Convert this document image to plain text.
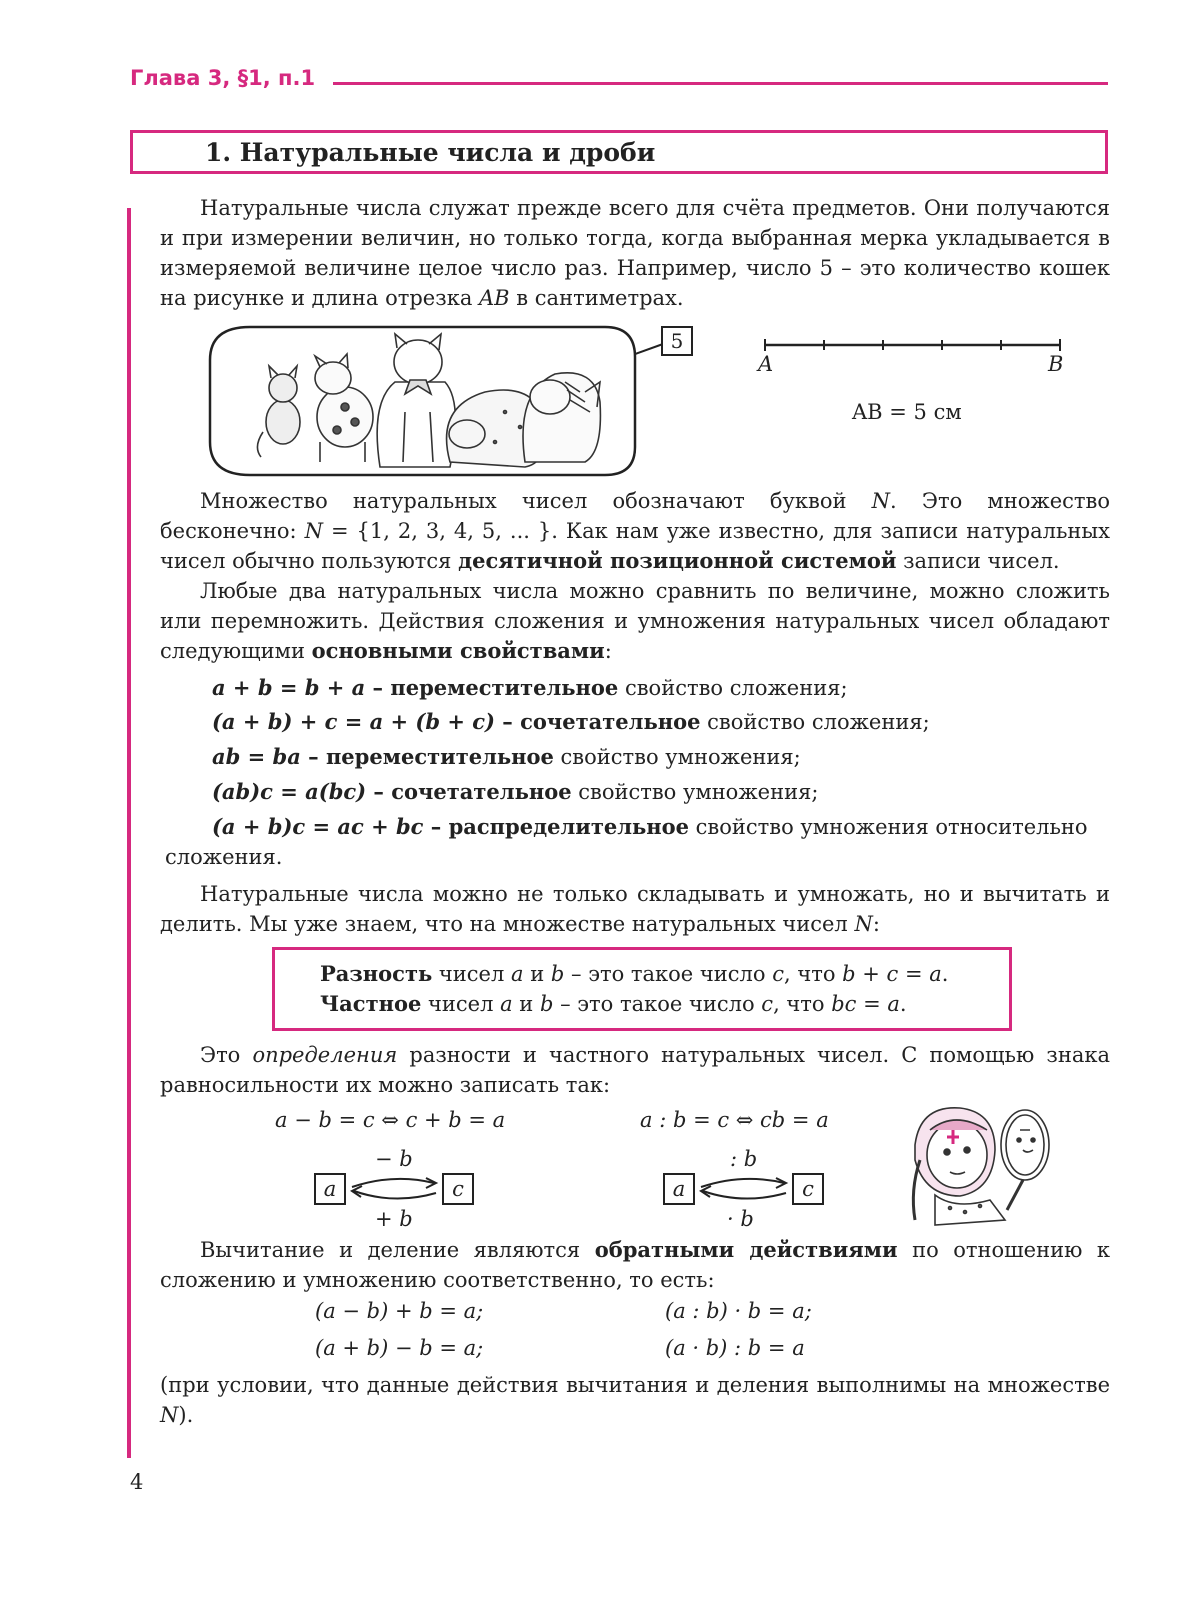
Глава 3, §1, п.1
1. Натуральные числа и дроби
Натуральные числа служат прежде всего для счёта предметов. Они получаются и при измерении величин, но только тогда, когда выбранная мерка укладывается в измеряемой величине целое число раз. Например, число 5 – это количество кошек на рисунке и длина отрезка AB в сантиметрах.
5
A	B
AB = 5 см
Множество натуральных чисел обозначают буквой N. Это множество бесконечно: N = {1, 2, 3, 4, 5, ... }. Как нам уже известно, для записи натуральных чисел обычно пользуются десятичной позиционной системой записи чисел.
Любые два натуральных числа можно сравнить по величине, можно сложить или перемножить. Действия сложения и умножения натуральных чисел обладают следующими основными свойствами:
a + b = b + a – переместительное свойство сложения;
(a + b) + c = a + (b + c) – сочетательное свойство сложения;
ab = ba – переместительное свойство умножения;
(ab)c = a(bc) – сочетательное свойство умножения;
(a + b)c = ac + bc – распределительное свойство умножения относительно
сложения.
Натуральные числа можно не только складывать и умножать, но и вычитать и делить. Мы уже знаем, что на множестве натуральных чисел N:
Разность чисел a и b – это такое число c, что b + c = a.
Частное чисел a и b – это такое число c, что bc = a.
Это определения разности и частного натуральных чисел. С помощью знака равносильности их можно записать так:
a − b = c ⇔ c + b = a	a : b = c ⇔ cb = a
− b
a	c
+ b
: b
a	c
· b
Вычитание и деление являются обратными действиями по отношению к сложению и умножению соответственно, то есть:
(a − b) + b = a;	(a : b) · b = a;
(a + b) − b = a;	(a · b) : b = a
(при условии, что данные действия вычитания и деления выполнимы на множестве N).
4
